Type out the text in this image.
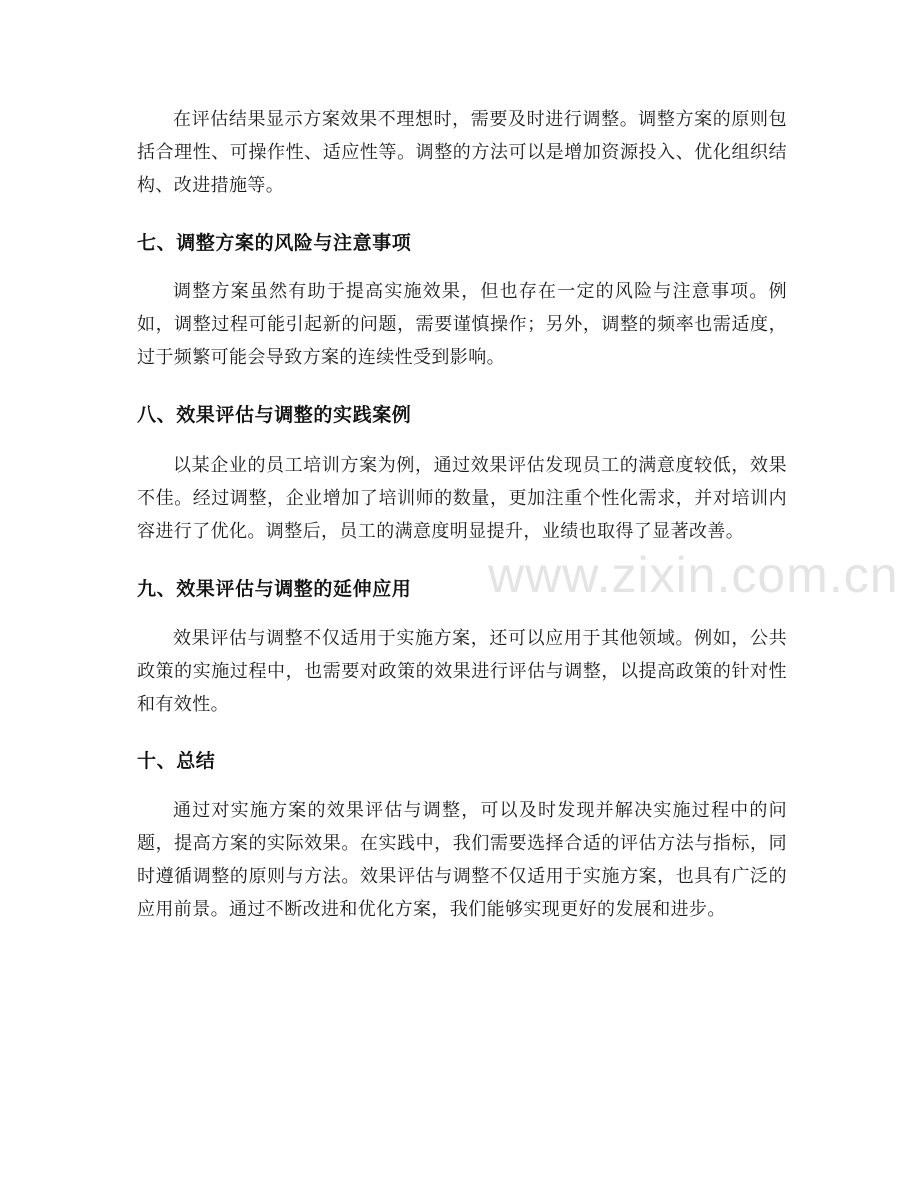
在评估结果显示方案效果不理想时，需要及时进行调整。调整方案的原则包括合理性、可操作性、适应性等。调整的方法可以是增加资源投入、优化组织结构、改进措施等。

七、调整方案的风险与注意事项

调整方案虽然有助于提高实施效果，但也存在一定的风险与注意事项。例如，调整过程可能引起新的问题，需要谨慎操作；另外，调整的频率也需适度，过于频繁可能会导致方案的连续性受到影响。

八、效果评估与调整的实践案例

以某企业的员工培训方案为例，通过效果评估发现员工的满意度较低，效果不佳。经过调整，企业增加了培训师的数量，更加注重个性化需求，并对培训内容进行了优化。调整后，员工的满意度明显提升，业绩也取得了显著改善。

九、效果评估与调整的延伸应用

效果评估与调整不仅适用于实施方案，还可以应用于其他领域。例如，公共政策的实施过程中，也需要对政策的效果进行评估与调整，以提高政策的针对性和有效性。

十、总结

通过对实施方案的效果评估与调整，可以及时发现并解决实施过程中的问题，提高方案的实际效果。在实践中，我们需要选择合适的评估方法与指标，同时遵循调整的原则与方法。效果评估与调整不仅适用于实施方案，也具有广泛的应用前景。通过不断改进和优化方案，我们能够实现更好的发展和进步。

www.zixin.com.cn
